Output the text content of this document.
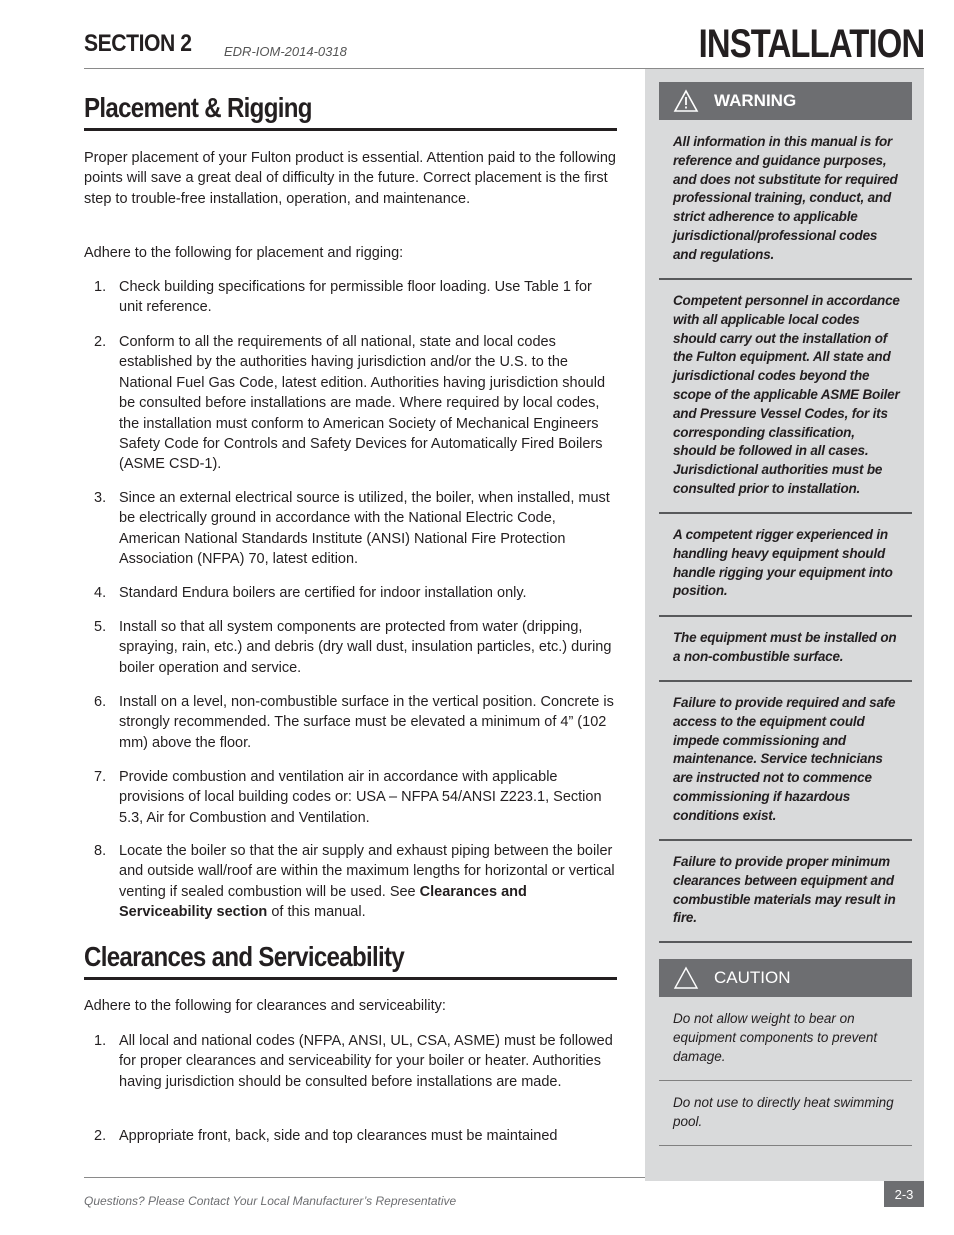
SECTION 2 EDR-IOM-2014-0318	INSTALLATION
WARNING
All information in this manual is for reference and guidance purposes, and does not substitute for required professional training, conduct, and strict adherence to applicable jurisdictional/professional codes and regulations.
Competent personnel in accordance with all applicable local codes should carry out the installation of the Fulton equipment. All state and jurisdictional codes beyond the scope of the applicable ASME Boiler and Pressure Vessel Codes, for its corresponding classification, should be followed in all cases. Jurisdictional authorities must be consulted prior to installation.
A competent rigger experienced in handling heavy equipment should handle rigging your equipment into position.
The equipment must be installed on a non-combustible surface.
Failure to provide required and safe access to the equipment could impede commissioning and maintenance. Service technicians are instructed not to commence commissioning if hazardous conditions exist.
Failure to provide proper minimum clearances between equipment and combustible materials may result in fire.
CAUTION
Do not allow weight to bear on equipment components to prevent damage.
Do not use to directly heat swimming pool.
Placement & Rigging
Proper placement of your Fulton product is essential. Attention paid to the following points will save a great deal of difficulty in the future. Correct placement is the first step to trouble-free installation, operation, and maintenance.
Adhere to the following for placement and rigging:
1. Check building specifications for permissible floor loading. Use Table 1 for unit reference.
2. Conform to all the requirements of all national, state and local codes established by the authorities having jurisdiction and/or the U.S. to the National Fuel Gas Code, latest edition. Authorities having jurisdiction should be consulted before installations are made. Where required by local codes, the installation must conform to American Society of Mechanical Engineers Safety Code for Controls and Safety Devices for Automatically Fired Boilers (ASME CSD-1).
3. Since an external electrical source is utilized, the boiler, when installed, must be electrically ground in accordance with the National Electric Code, American National Standards Institute (ANSI) National Fire Protection Association (NFPA) 70, latest edition.
4. Standard Endura boilers are certified for indoor installation only.
5. Install so that all system components are protected from water (dripping, spraying, rain, etc.) and debris (dry wall dust, insulation particles, etc.) during boiler operation and service.
6. Install on a level, non-combustible surface in the vertical position. Concrete is strongly recommended. The surface must be elevated a minimum of 4” (102 mm) above the floor.
7. Provide combustion and ventilation air in accordance with applicable provisions of local building codes or: USA – NFPA 54/ANSI Z223.1, Section 5.3, Air for Combustion and Ventilation.
8. Locate the boiler so that the air supply and exhaust piping between the boiler and outside wall/roof are within the maximum lengths for horizontal or vertical venting if sealed combustion will be used. See Clearances and Serviceability section of this manual.
Clearances and Serviceability
Adhere to the following for clearances and serviceability:
1. All local and national codes (NFPA, ANSI, UL, CSA, ASME) must be followed for proper clearances and serviceability for your boiler or heater. Authorities having jurisdiction should be consulted before installations are made.
2. Appropriate front, back, side and top clearances must be maintained
Questions? Please Contact Your Local Manufacturer’s Representative	2-3
